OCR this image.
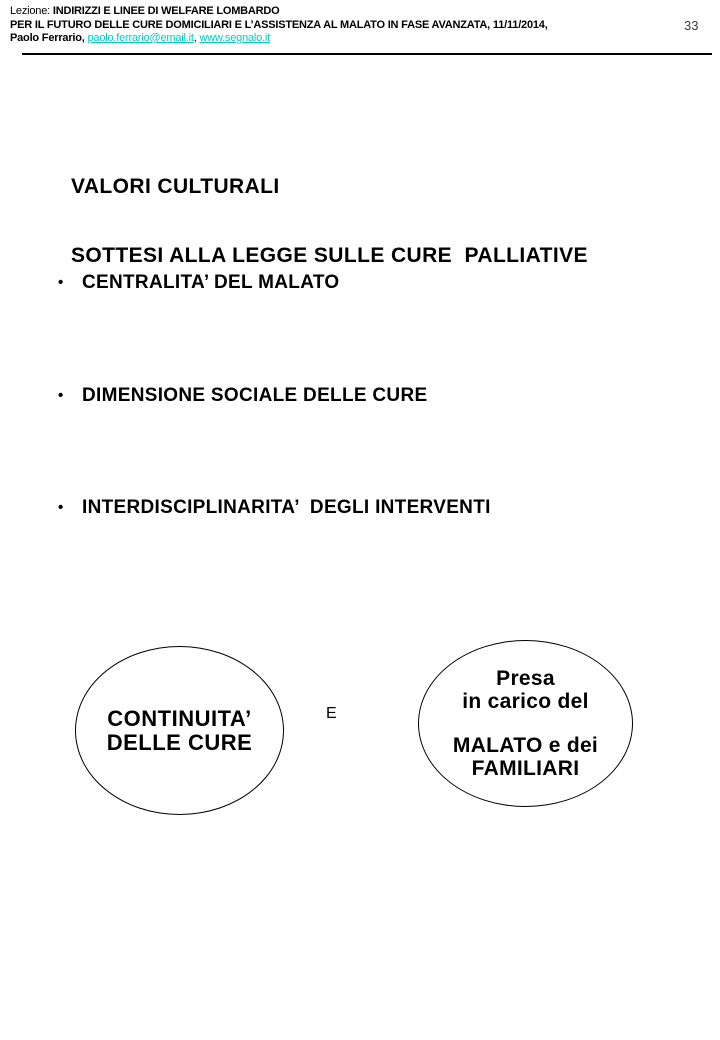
Lezione: INDIRIZZI E LINEE DI WELFARE LOMBARDO
PER IL FUTURO DELLE CURE DOMICILIARI E L’ASSISTENZA AL MALATO IN FASE AVANZATA, 11/11/2014,
Paolo Ferrario, paolo.ferrario@email.it, www.segnalo.it
33

VALORI CULTURALI

SOTTESI ALLA LEGGE SULLE CURE  PALLIATIVE

• CENTRALITA’ DEL MALATO
• DIMENSIONE SOCIALE DELLE CURE
• INTERDISCIPLINARITA’  DEGLI INTERVENTI
CONTINUITA’
DELLE CURE
E
Presa
in carico del
MALATO e dei
FAMILIARI
